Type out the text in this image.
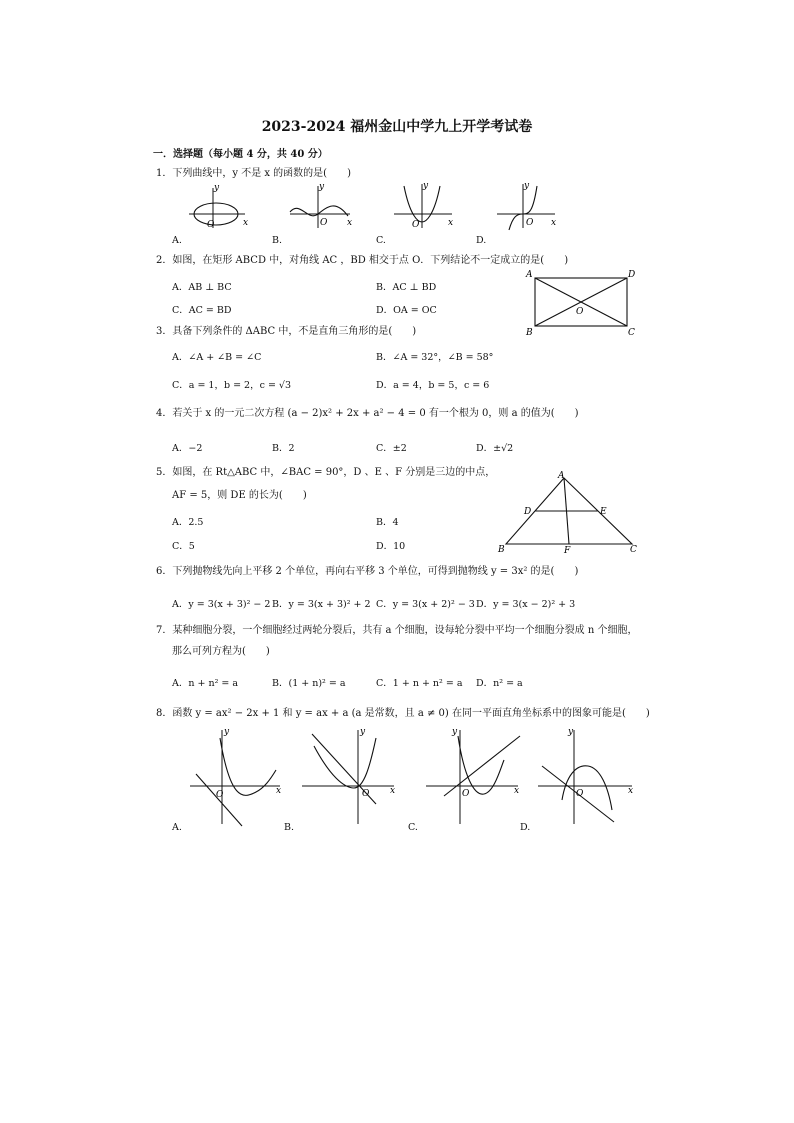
2023-2024 福州金山中学九上开学考试卷
一．选择题（每小题 4 分，共 40 分）
1．下列曲线中，y 不是 x 的函数的是(　　)
y
x
O
y
x
O
y
x
O
y
x
O
A.	B.	C.	D.
2．如图，在矩形 ABCD 中，对角线 AC ，BD 相交于点 O．下列结论不一定成立的是(　　)
A．AB ⊥ BC	B．AC ⊥ BD
C．AC = BD	D．OA = OC
A	D
B	C
O
3．具备下列条件的 ΔABC 中，不是直角三角形的是(　　)
A．∠A + ∠B = ∠C	B．∠A = 32°，∠B = 58°
C．a = 1，b = 2，c = √3	D．a = 4，b = 5，c = 6
4．若关于 x 的一元二次方程 (a − 2)x² + 2x + a² − 4 = 0 有一个根为 0，则 a 的值为(　　)
A．−2	B．2	C．±2	D．±√2
5．如图，在 Rt△ABC 中，∠BAC = 90°，D 、E 、F 分别是三边的中点，
AF = 5，则 DE 的长为(　　)
A．2.5	B．4
C．5	D．10
A
D	E
B	F	C
6．下列抛物线先向上平移 2 个单位，再向右平移 3 个单位，可得到抛物线 y = 3x² 的是(　　)
A．y = 3(x + 3)² − 2 B．y = 3(x + 3)² + 2 C．y = 3(x + 2)² − 3 D．y = 3(x − 2)² + 3
7．某种细胞分裂，一个细胞经过两轮分裂后，共有 a 个细胞，设每轮分裂中平均一个细胞分裂成 n 个细胞，
那么可列方程为(　　)
A．n + n² = a	B．(1 + n)² = a	C．1 + n + n² = a D．n² = a
8．函数 y = ax² − 2x + 1 和 y = ax + a (a 是常数，且 a ≠ 0) 在同一平面直角坐标系中的图象可能是(　　)
y
x
O
y
x
O
y
x
O
y
x
O
A.	B.	C.	D.
